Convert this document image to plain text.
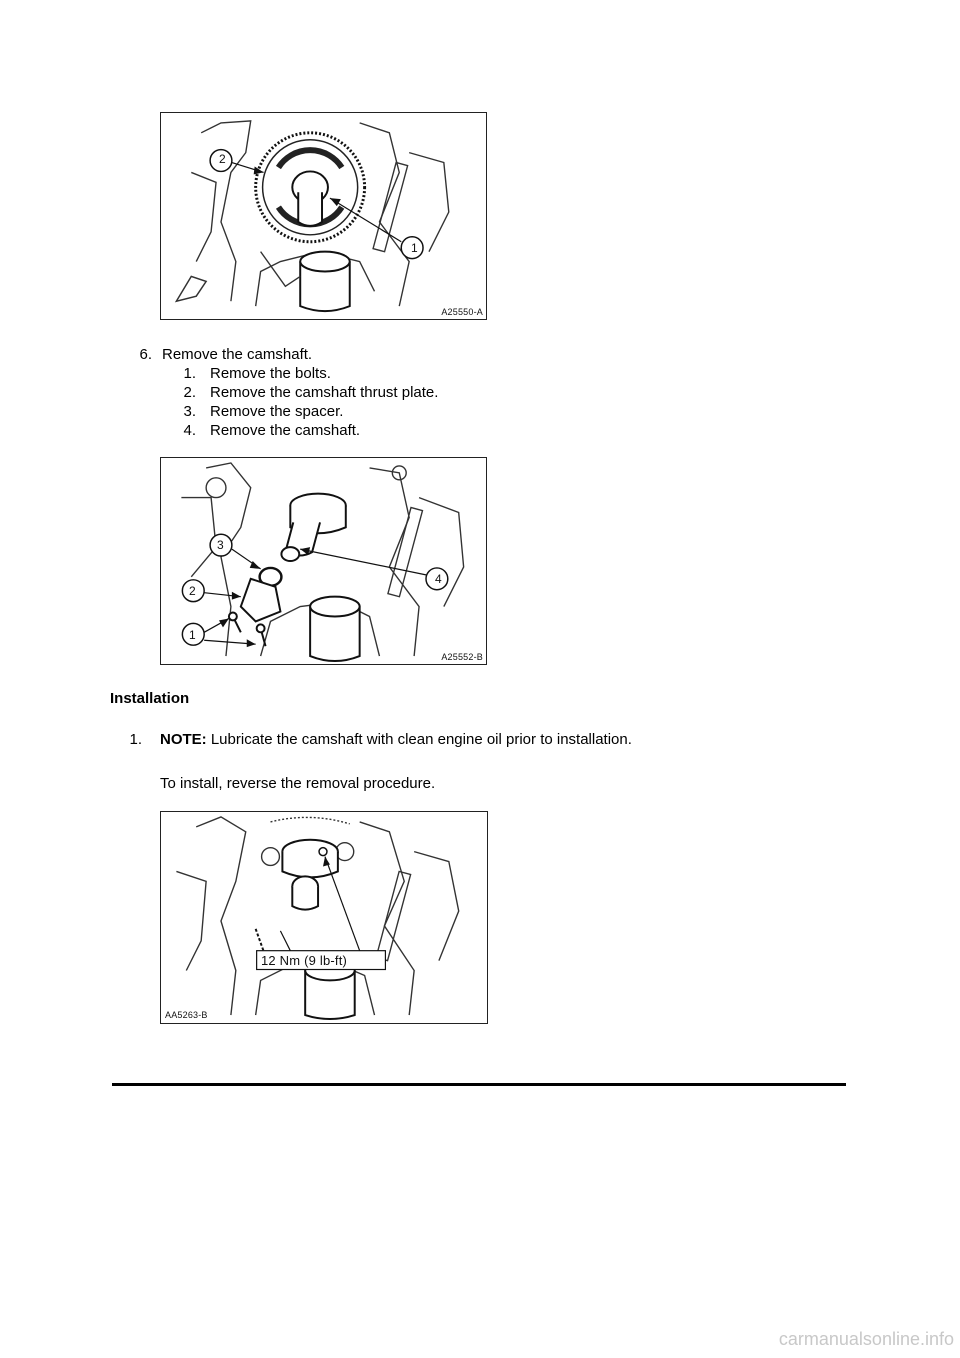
2
1
A25550-A
6. Remove the camshaft.
1. Remove the bolts.
2. Remove the camshaft thrust plate.
3. Remove the spacer.
4. Remove the camshaft.
3
2
1
4
A25552-B
Installation
1. NOTE: Lubricate the camshaft with clean engine oil prior to installation.
To install, reverse the removal procedure.
12 Nm (9 lb-ft)
AA5263-B
carmanualsonline.info
